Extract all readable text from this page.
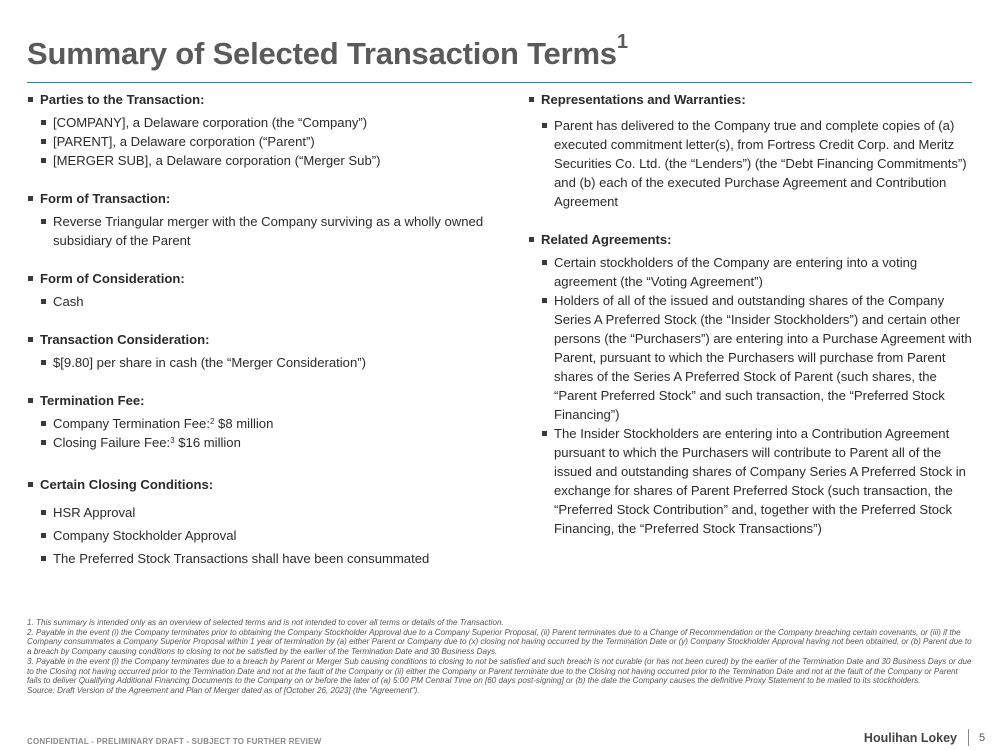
Summary of Selected Transaction Terms$^1$
Parties to the Transaction:
[COMPANY], a Delaware corporation (the “Company”)
[PARENT], a Delaware corporation (“Parent”)
[MERGER SUB], a Delaware corporation (“Merger Sub”)
Form of Transaction:
Reverse Triangular merger with the Company surviving as a wholly owned subsidiary of the Parent
Form of Consideration:
Cash
Transaction Consideration:
$[9.80] per share in cash (the “Merger Consideration”)
Termination Fee:
Company Termination Fee:$^2$ $8 million
Closing Failure Fee:$^3$ $16 million
Certain Closing Conditions:
HSR Approval
Company Stockholder Approval
The Preferred Stock Transactions shall have been consummated
Representations and Warranties:
Parent has delivered to the Company true and complete copies of (a) executed commitment letter(s), from Fortress Credit Corp. and Meritz Securities Co. Ltd. (the “Lenders”) (the “Debt Financing Commitments”) and (b) each of the executed Purchase Agreement and Contribution Agreement
Related Agreements:
Certain stockholders of the Company are entering into a voting agreement (the “Voting Agreement”)
Holders of all of the issued and outstanding shares of the Company Series A Preferred Stock (the “Insider Stockholders”) and certain other persons (the “Purchasers”) are entering into a Purchase Agreement with Parent, pursuant to which the Purchasers will purchase from Parent shares of the Series A Preferred Stock of Parent (such shares, the “Parent Preferred Stock” and such transaction, the “Preferred Stock Financing”)
The Insider Stockholders are entering into a Contribution Agreement pursuant to which the Purchasers will contribute to Parent all of the issued and outstanding shares of Company Series A Preferred Stock in exchange for shares of Parent Preferred Stock (such transaction, the “Preferred Stock Contribution” and, together with the Preferred Stock Financing, the “Preferred Stock Transactions”)

1. This summary is intended only as an overview of selected terms and is not intended to cover all terms or details of the Transaction.

2. Payable in the event (i) the Company terminates prior to obtaining the Company Stockholder Approval due to a Company Superior Proposal, (ii) Parent terminates due to a Change of Recommendation or the Company breaching certain covenants, or (iii) if the Company consummates a Company Superior Proposal within 1 year of termination by (a) either Parent or Company due to (x) closing not having occurred by the Termination Date or (y) Company Stockholder Approval having not been obtained, or (b) Parent due to a breach by Company causing conditions to closing to not be satisfied by the earlier of the Termination Date and 30 Business Days.

3. Payable in the event (i) the Company terminates due to a breach by Parent or Merger Sub causing conditions to closing to not be satisfied and such breach is not curable (or has not been cured) by the earlier of the Termination Date and 30 Business Days or due to the Closing not having occurred prior to the Termination Date and not at the fault of the Company or (ii) either the Company or Parent terminate due to the Closing not having occurred prior to the Termination Date and not at the fault of the Company or Parent fails to deliver Qualifying Additional Financing Documents to the Company on or before the later of (a) 5:00 PM Central Time on [60 days post-signing] or (b) the date the Company causes the definitive Proxy Statement to be mailed to its stockholders.

Source: Draft Version of the Agreement and Plan of Merger dated as of [October 26, 2023] (the "Agreement").

CONFIDENTIAL - PRELIMINARY DRAFT - SUBJECT TO FURTHER REVIEW	Houlihan Lokey 5
